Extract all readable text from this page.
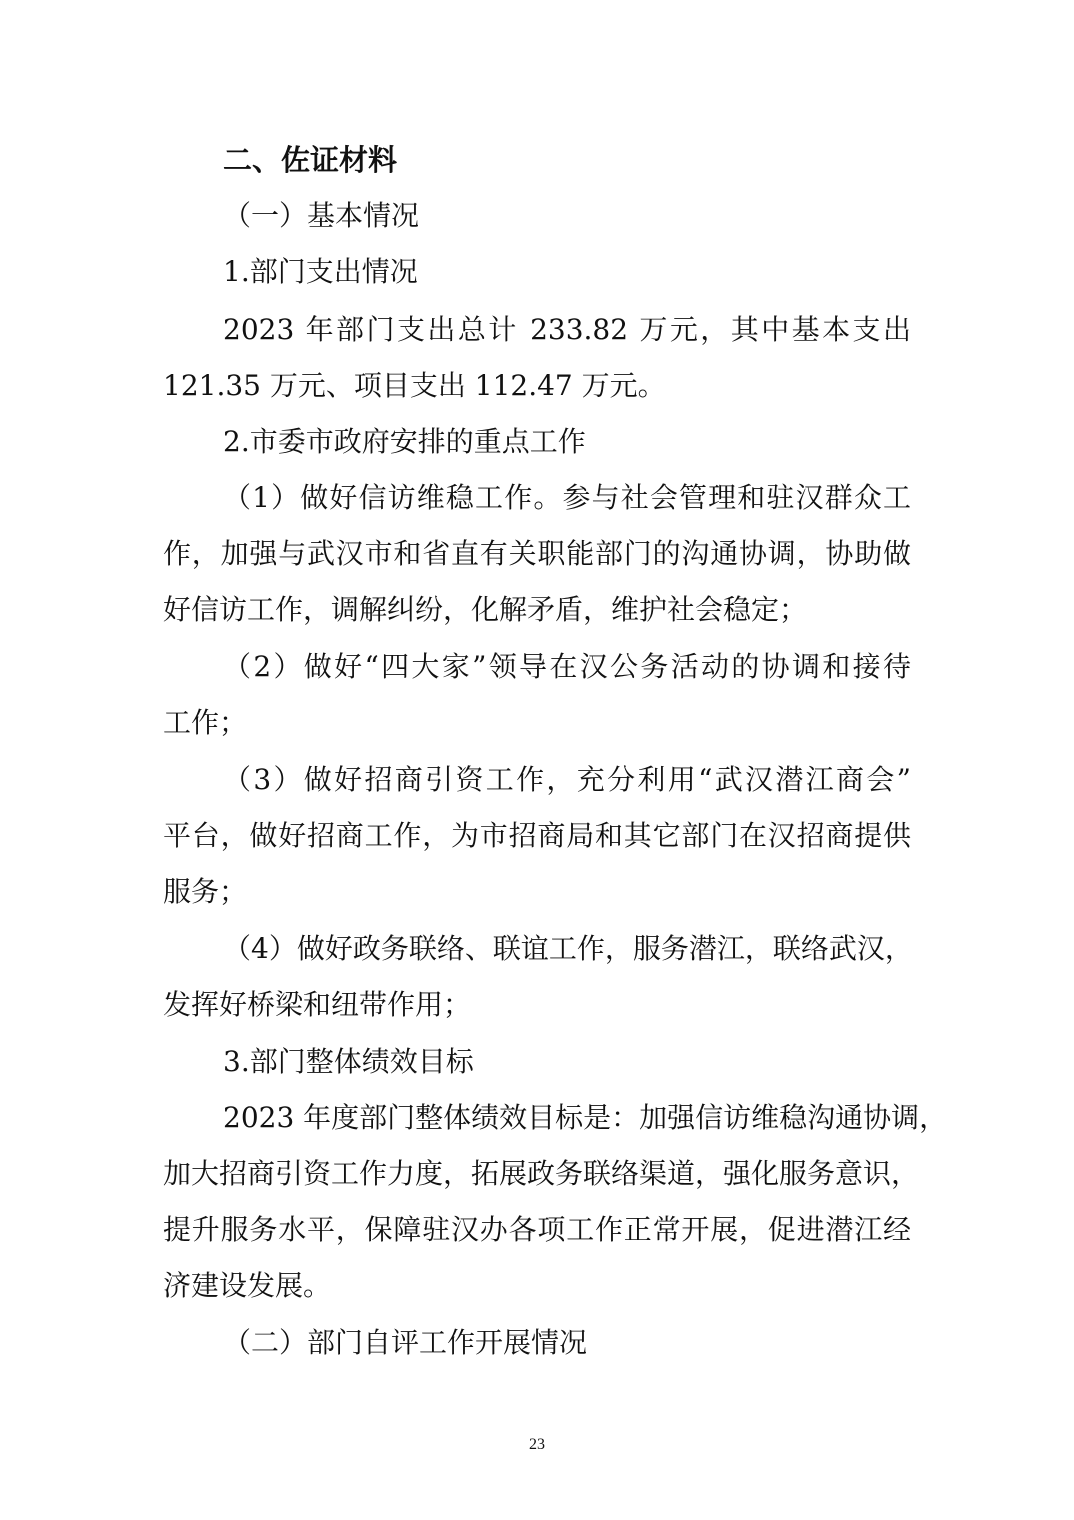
二、佐证材料
（一）基本情况
1.部门支出情况
2023 年部门支出总计 233.82 万元，其中基本支出
121.35 万元、项目支出 112.47 万元。
2.市委市政府安排的重点工作
（1）做好信访维稳工作。参与社会管理和驻汉群众工
作，加强与武汉市和省直有关职能部门的沟通协调，协助做
好信访工作，调解纠纷，化解矛盾，维护社会稳定；
（2）做好“四大家”领导在汉公务活动的协调和接待
工作；
（3）做好招商引资工作，充分利用“武汉潜江商会”
平台，做好招商工作，为市招商局和其它部门在汉招商提供
服务；
（4）做好政务联络、联谊工作，服务潜江，联络武汉，
发挥好桥梁和纽带作用；
3.部门整体绩效目标
2023 年度部门整体绩效目标是：加强信访维稳沟通协调，
加大招商引资工作力度，拓展政务联络渠道，强化服务意识，
提升服务水平，保障驻汉办各项工作正常开展，促进潜江经
济建设发展。
（二）部门自评工作开展情况
23
